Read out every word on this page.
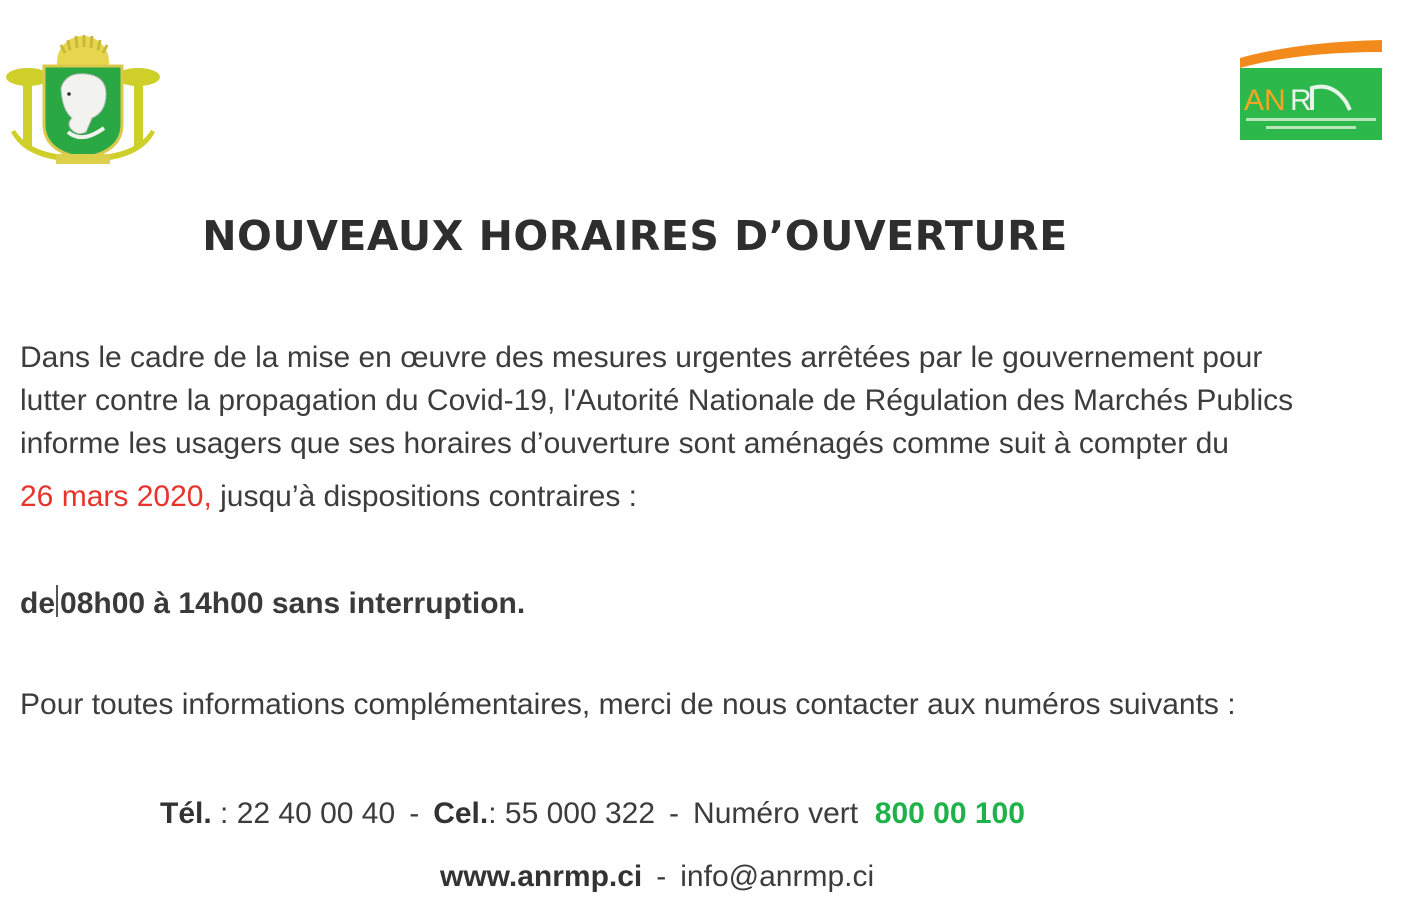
AN R
NOUVEAUX HORAIRES D’OUVERTURE
Dans le cadre de la mise en œuvre des mesures urgentes arrêtées par le gouvernement pour
lutter contre la propagation du Covid-19, l'Autorité Nationale de Régulation des Marchés Publics
informe les usagers que ses horaires d’ouverture sont aménagés comme suit à compter du
26 mars 2020, jusqu’à dispositions contraires :
de 08h00 à 14h00 sans interruption.
Pour toutes informations complémentaires, merci de nous contacter aux numéros suivants :
Tél. : 22 40 00 40 - Cel.: 55 000 322 - Numéro vert 800 00 100
www.anrmp.ci - info@anrmp.ci
